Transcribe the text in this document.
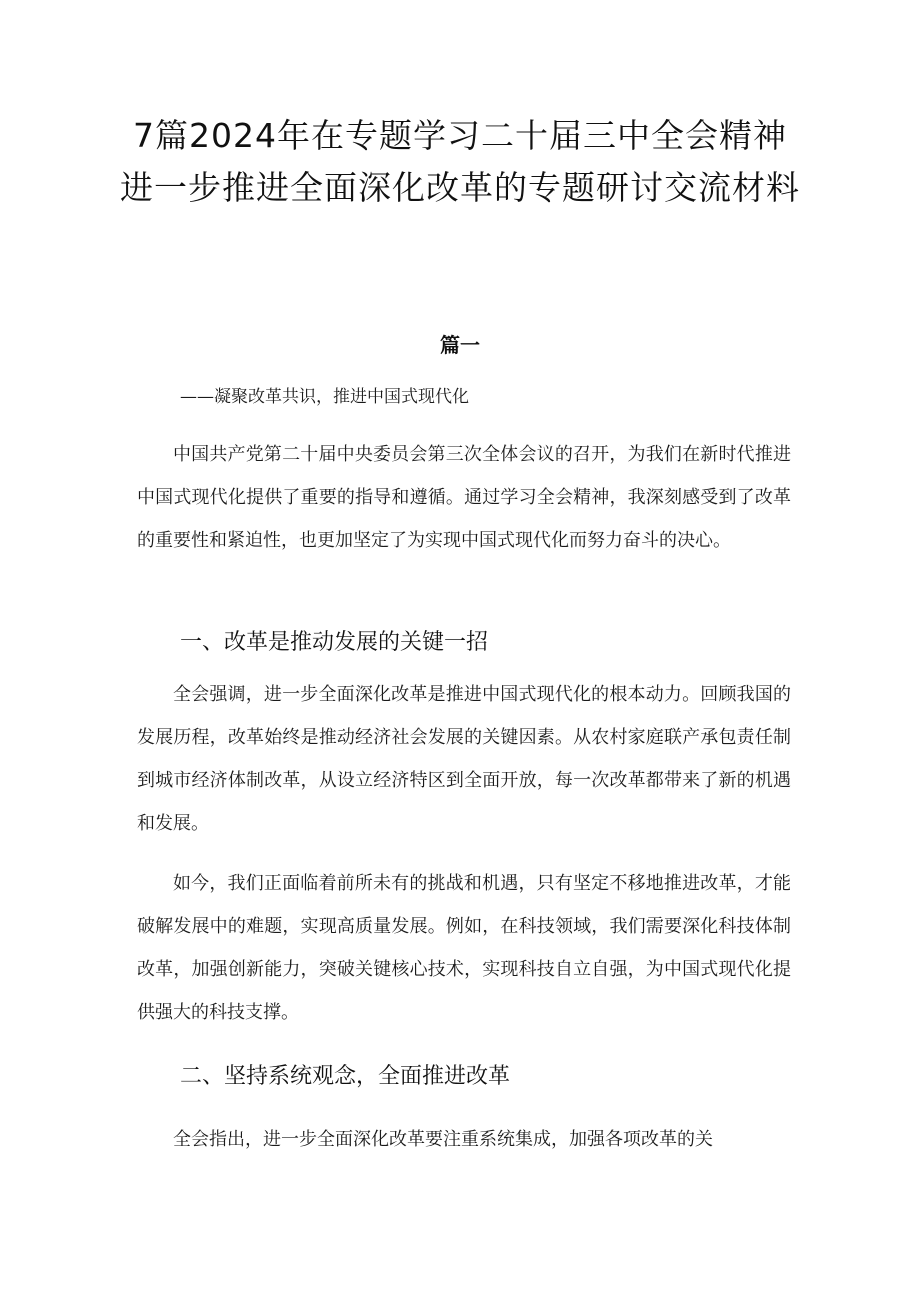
7篇2024年在专题学习二十届三中全会精神进一步推进全面深化改革的专题研讨交流材料
篇一
——凝聚改革共识，推进中国式现代化

中国共产党第二十届中央委员会第三次全体会议的召开，为我们在新时代推进中国式现代化提供了重要的指导和遵循。通过学习全会精神，我深刻感受到了改革的重要性和紧迫性，也更加坚定了为实现中国式现代化而努力奋斗的决心。

一、改革是推动发展的关键一招

全会强调，进一步全面深化改革是推进中国式现代化的根本动力。回顾我国的发展历程，改革始终是推动经济社会发展的关键因素。从农村家庭联产承包责任制到城市经济体制改革，从设立经济特区到全面开放，每一次改革都带来了新的机遇和发展。

如今，我们正面临着前所未有的挑战和机遇，只有坚定不移地推进改革，才能破解发展中的难题，实现高质量发展。例如，在科技领域，我们需要深化科技体制改革，加强创新能力，突破关键核心技术，实现科技自立自强，为中国式现代化提供强大的科技支撑。

二、坚持系统观念，全面推进改革

全会指出，进一步全面深化改革要注重系统集成，加强各项改革的关
